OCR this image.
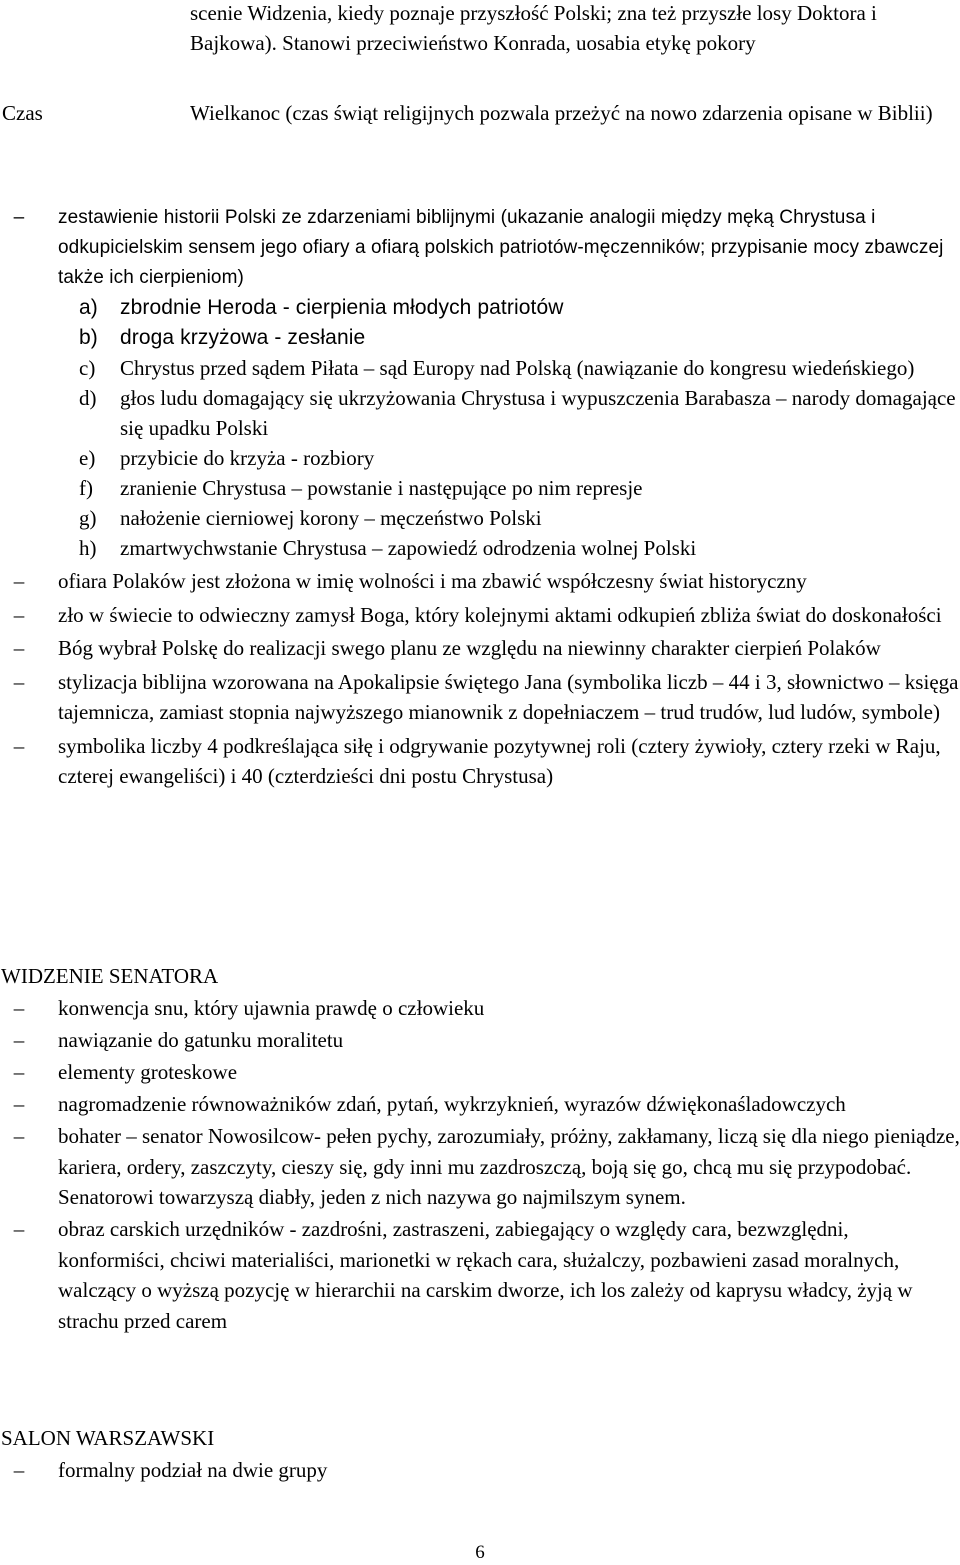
scenie Widzenia, kiedy poznaje przyszłość Polski; zna też przyszłe losy Doktora i Bajkowa). Stanowi przeciwieństwo Konrada, uosabia etykę pokory
Czas	Wielkanoc (czas świąt religijnych pozwala przeżyć na nowo zdarzenia opisane w Biblii)
–	zestawienie historii Polski ze zdarzeniami biblijnymi (ukazanie analogii między męką Chrystusa i odkupicielskim sensem jego ofiary a ofiarą polskich patriotów-męczenników; przypisanie mocy zbawczej także ich cierpieniom)
a) zbrodnie Heroda - cierpienia młodych patriotów
b) droga krzyżowa - zesłanie
c) Chrystus przed sądem Piłata – sąd Europy nad Polską (nawiązanie do kongresu wiedeńskiego)
d) głos ludu domagający się ukrzyżowania Chrystusa i wypuszczenia Barabasza – narody domagające się upadku Polski
e) przybicie do krzyża - rozbiory
f) zranienie Chrystusa – powstanie i następujące po nim represje
g) nałożenie cierniowej korony – męczeństwo Polski
h) zmartwychwstanie Chrystusa – zapowiedź odrodzenia wolnej Polski
–	ofiara Polaków jest złożona w imię wolności i ma zbawić współczesny świat historyczny
–	zło w świecie to odwieczny zamysł Boga, który kolejnymi aktami odkupień zbliża świat do doskonałości
–	Bóg wybrał Polskę do realizacji swego planu ze względu na niewinny charakter cierpień Polaków
–	stylizacja biblijna wzorowana na Apokalipsie świętego Jana (symbolika liczb – 44 i 3, słownictwo – księga tajemnicza, zamiast stopnia najwyższego mianownik z dopełniaczem – trud trudów, lud ludów, symbole)
–	symbolika liczby 4 podkreślająca siłę i odgrywanie pozytywnej roli (cztery żywioły, cztery rzeki w Raju, czterej ewangeliści) i 40 (czterdzieści dni postu Chrystusa)
WIDZENIE SENATORA
–	konwencja snu, który ujawnia prawdę o człowieku
–	nawiązanie do gatunku moralitetu
–	elementy groteskowe
–	nagromadzenie równoważników zdań, pytań, wykrzyknień, wyrazów dźwiękonaśladowczych
–	bohater – senator Nowosilcow- pełen pychy, zarozumiały, próżny, zakłamany, liczą się dla niego pieniądze, kariera, ordery, zaszczyty, cieszy się, gdy inni mu zazdroszczą, boją się go, chcą mu się przypodobać. Senatorowi towarzyszą diabły, jeden z nich nazywa go najmilszym synem.
–	obraz carskich urzędników - zazdrośni, zastraszeni, zabiegający o względy cara, bezwzględni, konformiści, chciwi materialiści, marionetki w rękach cara, służalczy, pozbawieni zasad moralnych, walczący o wyższą pozycję w hierarchii na carskim dworze, ich los zależy od kaprysu władcy, żyją w strachu przed carem
SALON WARSZAWSKI
–	formalny podział na dwie grupy
6
